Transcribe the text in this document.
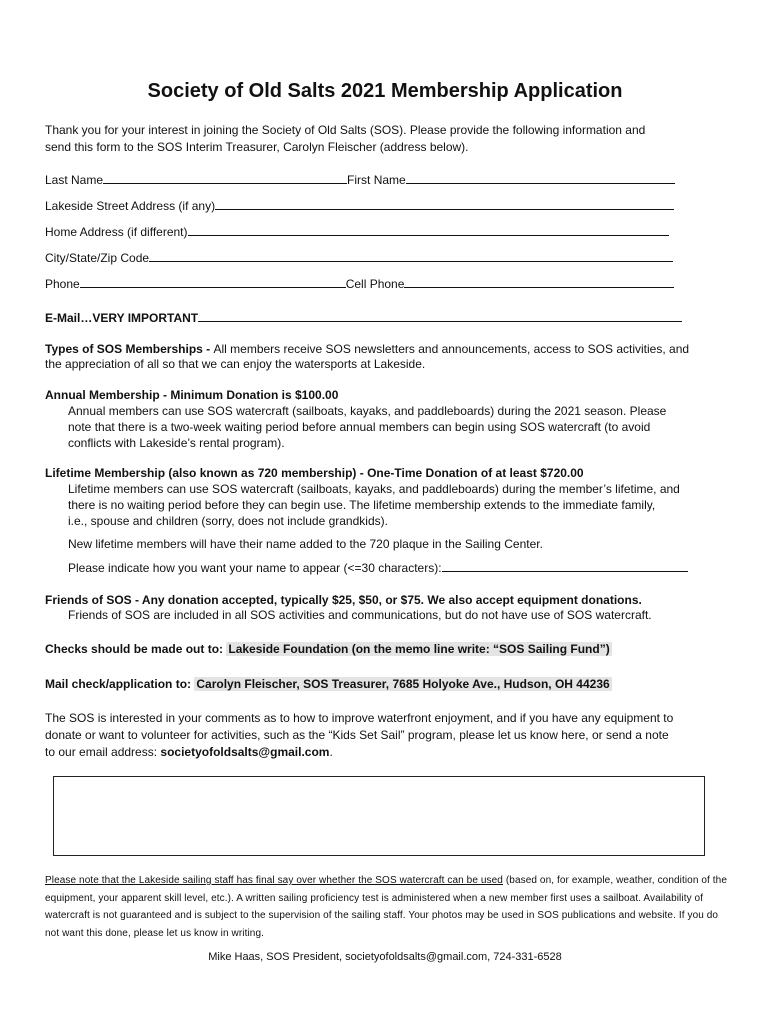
Society of Old Salts 2021 Membership Application
Thank you for your interest in joining the Society of Old Salts (SOS). Please provide the following information and
send this form to the SOS Interim Treasurer, Carolyn Fleischer (address below).
Last Name	First Name
Lakeside Street Address (if any)
Home Address (if different)
City/State/Zip Code
Phone	Cell Phone
E-Mail…VERY IMPORTANT
Types of SOS Memberships - All members receive SOS newsletters and announcements, access to SOS activities, and
the appreciation of all so that we can enjoy the watersports at Lakeside.
Annual Membership - Minimum Donation is $100.00
Annual members can use SOS watercraft (sailboats, kayaks, and paddleboards) during the 2021 season. Please
note that there is a two-week waiting period before annual members can begin using SOS watercraft (to avoid
conflicts with Lakeside’s rental program).
Lifetime Membership (also known as 720 membership) - One-Time Donation of at least $720.00
Lifetime members can use SOS watercraft (sailboats, kayaks, and paddleboards) during the member’s lifetime, and
there is no waiting period before they can begin use. The lifetime membership extends to the immediate family,
i.e., spouse and children (sorry, does not include grandkids).
New lifetime members will have their name added to the 720 plaque in the Sailing Center.
Please indicate how you want your name to appear (<=30 characters):
Friends of SOS - Any donation accepted, typically $25, $50, or $75. We also accept equipment donations.
Friends of SOS are included in all SOS activities and communications, but do not have use of SOS watercraft.
Checks should be made out to: Lakeside Foundation (on the memo line write: “SOS Sailing Fund”)
Mail check/application to: Carolyn Fleischer, SOS Treasurer, 7685 Holyoke Ave., Hudson, OH 44236
The SOS is interested in your comments as to how to improve waterfront enjoyment, and if you have any equipment to
donate or want to volunteer for activities, such as the “Kids Set Sail” program, please let us know here, or send a note
to our email address: societyofoldsalts@gmail.com.
Please note that the Lakeside sailing staff has final say over whether the SOS watercraft can be used (based on, for example, weather, condition of the equipment, your apparent skill level, etc.). A written sailing proficiency test is administered when a new member first uses a sailboat. Availability of watercraft is not guaranteed and is subject to the supervision of the sailing staff. Your photos may be used in SOS publications and website. If you do not want this done, please let us know in writing.
Mike Haas, SOS President, societyofoldsalts@gmail.com, 724-331-6528
